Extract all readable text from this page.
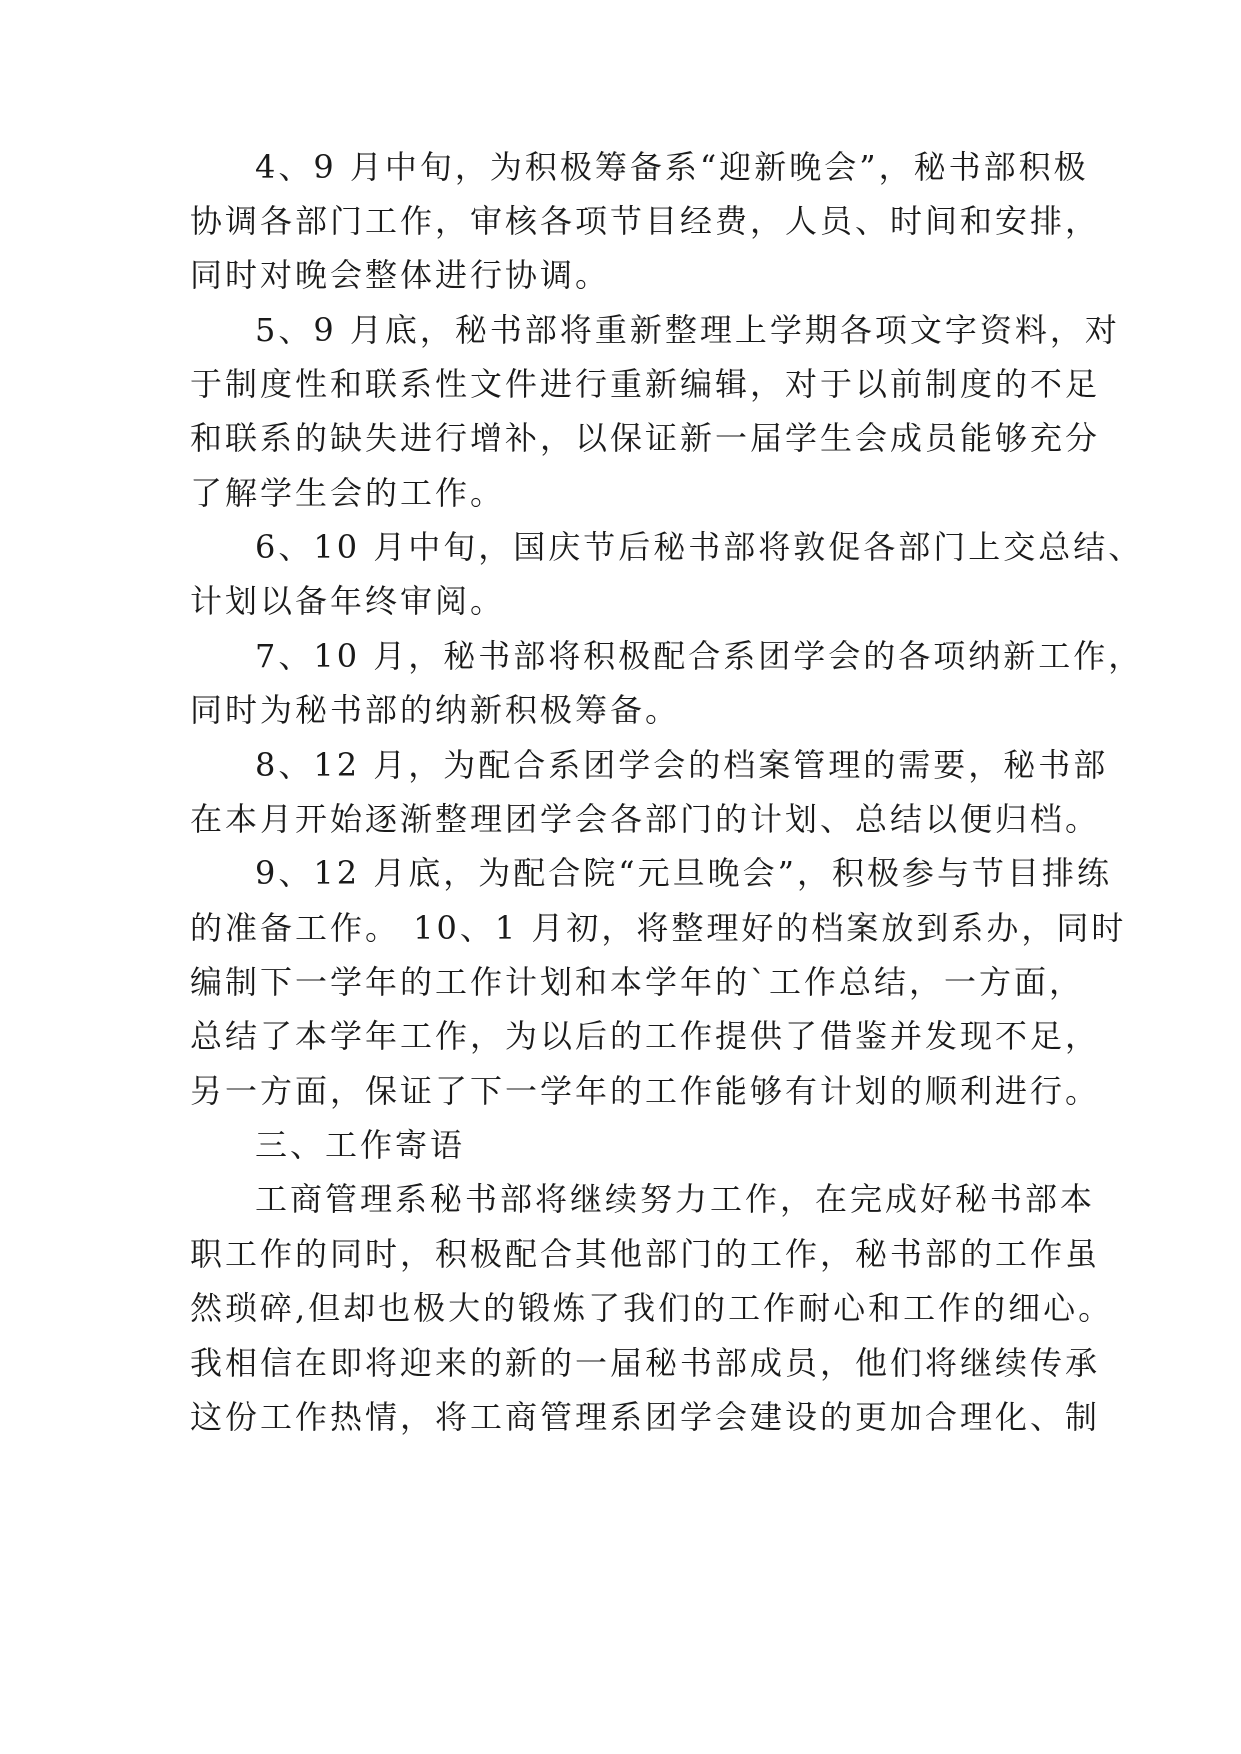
4、9 月中旬，为积极筹备系“迎新晚会”，秘书部积极
协调各部门工作，审核各项节目经费，人员、时间和安排，
同时对晚会整体进行协调。
5、9 月底，秘书部将重新整理上学期各项文字资料，对
于制度性和联系性文件进行重新编辑，对于以前制度的不足
和联系的缺失进行增补，以保证新一届学生会成员能够充分
了解学生会的工作。
6、10 月中旬，国庆节后秘书部将敦促各部门上交总结、
计划以备年终审阅。
7、10 月，秘书部将积极配合系团学会的各项纳新工作，
同时为秘书部的纳新积极筹备。
8、12 月，为配合系团学会的档案管理的需要，秘书部
在本月开始逐渐整理团学会各部门的计划、总结以便归档。
9、12 月底，为配合院“元旦晚会”，积极参与节目排练
的准备工作。 10、1 月初，将整理好的档案放到系办，同时
编制下一学年的工作计划和本学年的`工作总结，一方面，
总结了本学年工作，为以后的工作提供了借鉴并发现不足，
另一方面，保证了下一学年的工作能够有计划的顺利进行。
三、工作寄语
工商管理系秘书部将继续努力工作，在完成好秘书部本
职工作的同时，积极配合其他部门的工作，秘书部的工作虽
然琐碎,但却也极大的锻炼了我们的工作耐心和工作的细心。
我相信在即将迎来的新的一届秘书部成员，他们将继续传承
这份工作热情，将工商管理系团学会建设的更加合理化、制
